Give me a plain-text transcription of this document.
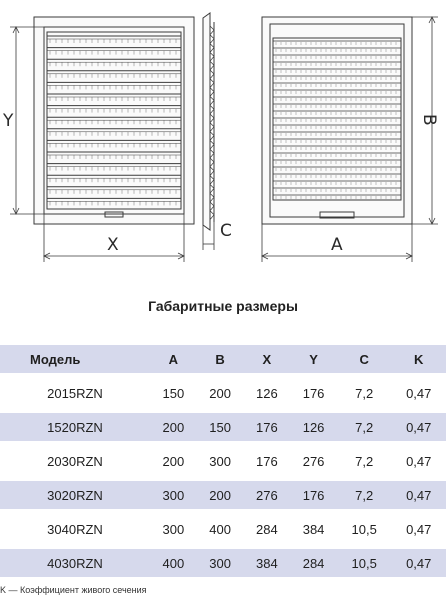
Y
X
C
B
A
Габаритные размеры
Модель	A	B	X	Y	C	K
2015RZN	150	200	126	176	7,2	0,47
1520RZN	200	150	176	126	7,2	0,47
2030RZN	200	300	176	276	7,2	0,47
3020RZN	300	200	276	176	7,2	0,47
3040RZN	300	400	284	384	10,5	0,47
4030RZN	400	300	384	284	10,5	0,47
K — Коэффициент живого сечения
